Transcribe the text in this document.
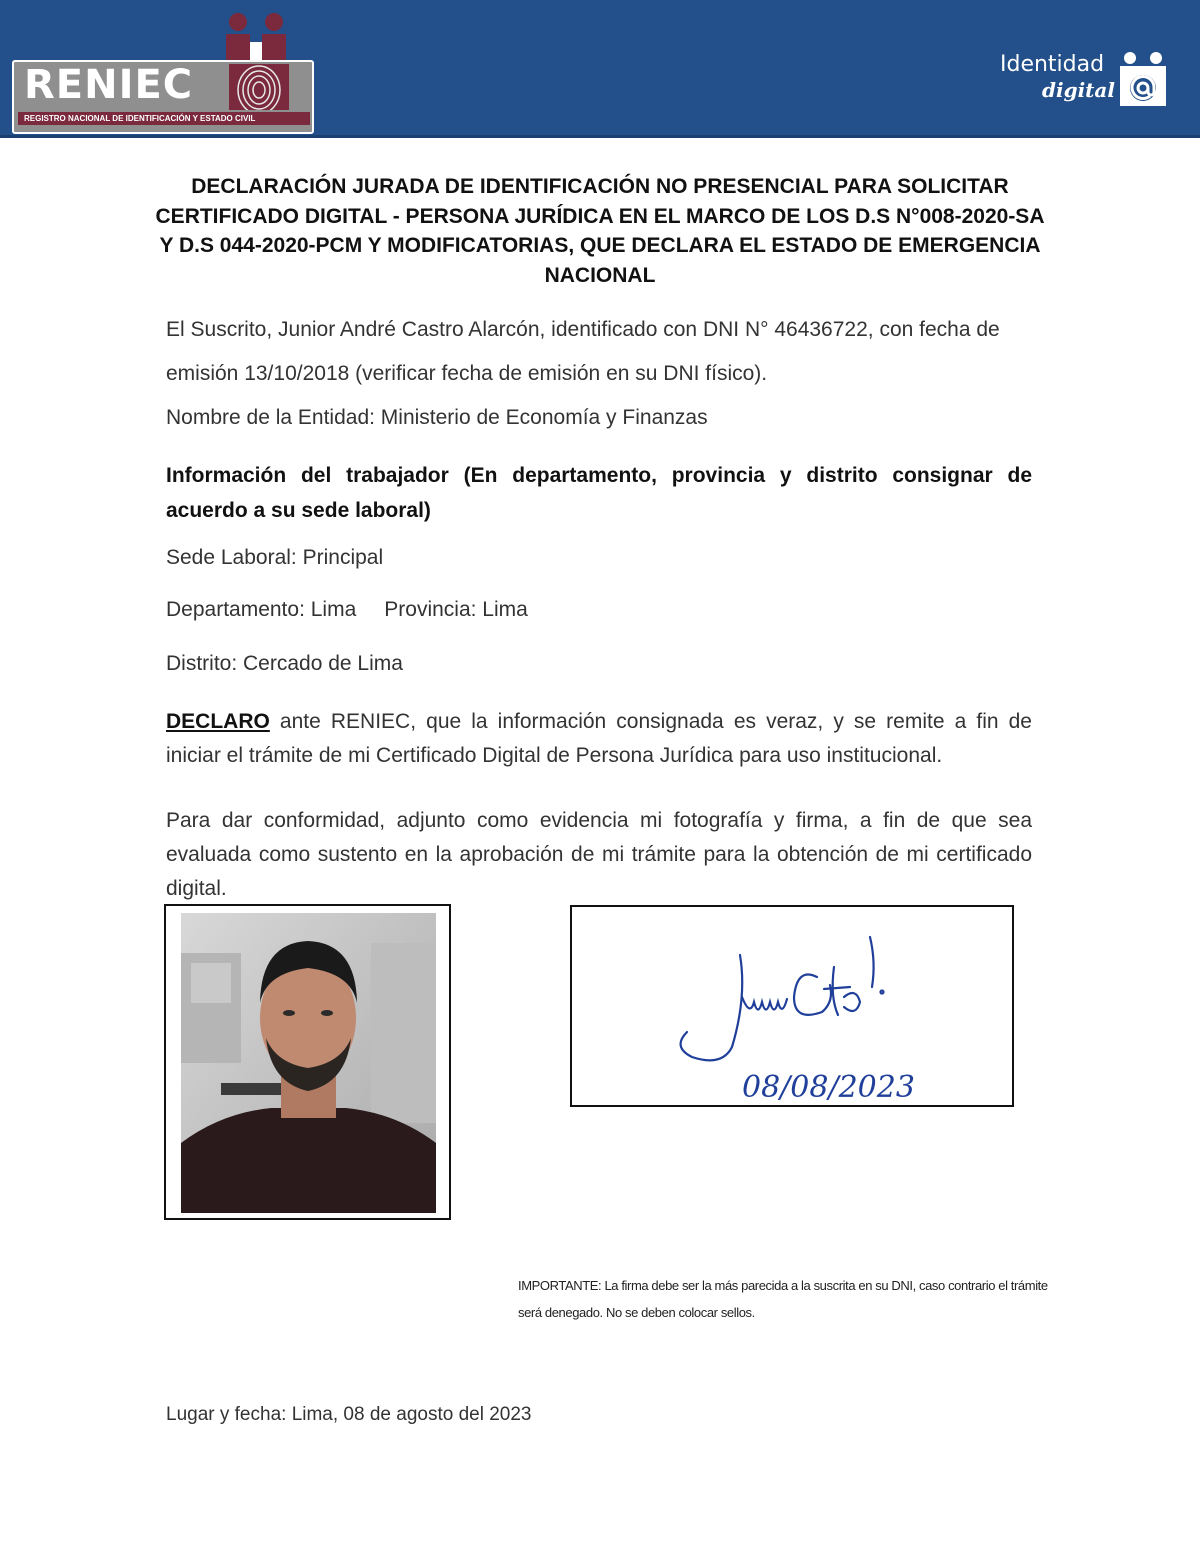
RENIEC
REGISTRO NACIONAL DE IDENTIFICACIÓN Y ESTADO CIVIL
Identidad
digital
DECLARACIÓN JURADA DE IDENTIFICACIÓN NO PRESENCIAL PARA SOLICITAR CERTIFICADO DIGITAL - PERSONA JURÍDICA EN EL MARCO DE LOS D.S N°008-2020-SA Y D.S 044-2020-PCM Y MODIFICATORIAS, QUE DECLARA EL ESTADO DE EMERGENCIA NACIONAL
El Suscrito, Junior André Castro Alarcón, identificado con DNI N° 46436722, con fecha de
emisión 13/10/2018 (verificar fecha de emisión en su DNI físico).
Nombre de la Entidad: Ministerio de Economía y Finanzas
Información del trabajador (En departamento, provincia y distrito consignar de acuerdo a su sede laboral)
Sede Laboral: Principal
Departamento: Lima Provincia: Lima
Distrito: Cercado de Lima
DECLARO ante RENIEC, que la información consignada es veraz, y se remite a fin de iniciar el trámite de mi Certificado Digital de Persona Jurídica para uso institucional.
Para dar conformidad, adjunto como evidencia mi fotografía y firma, a fin de que sea evaluada como sustento en la aprobación de mi trámite para la obtención de mi certificado digital.
08/08/2023
IMPORTANTE: La firma debe ser la más parecida a la suscrita en su DNI, caso contrario el trámite será denegado. No se deben colocar sellos.
Lugar y fecha: Lima, 08 de agosto del 2023
